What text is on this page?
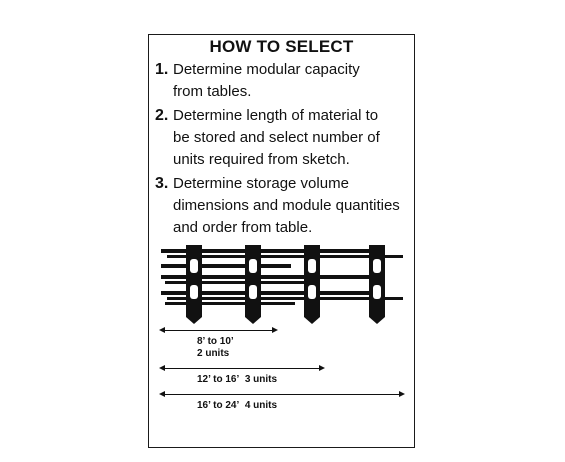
HOW TO SELECT
1. Determine modular capacity
from tables.
2. Determine length of material to
be stored and select number of
units required from sketch.
3. Determine storage volume
dimensions and module quantities
and order from table.
8’ to 10’
2 units
12’ to 16’ 3 units
16’ to 24’ 4 units
